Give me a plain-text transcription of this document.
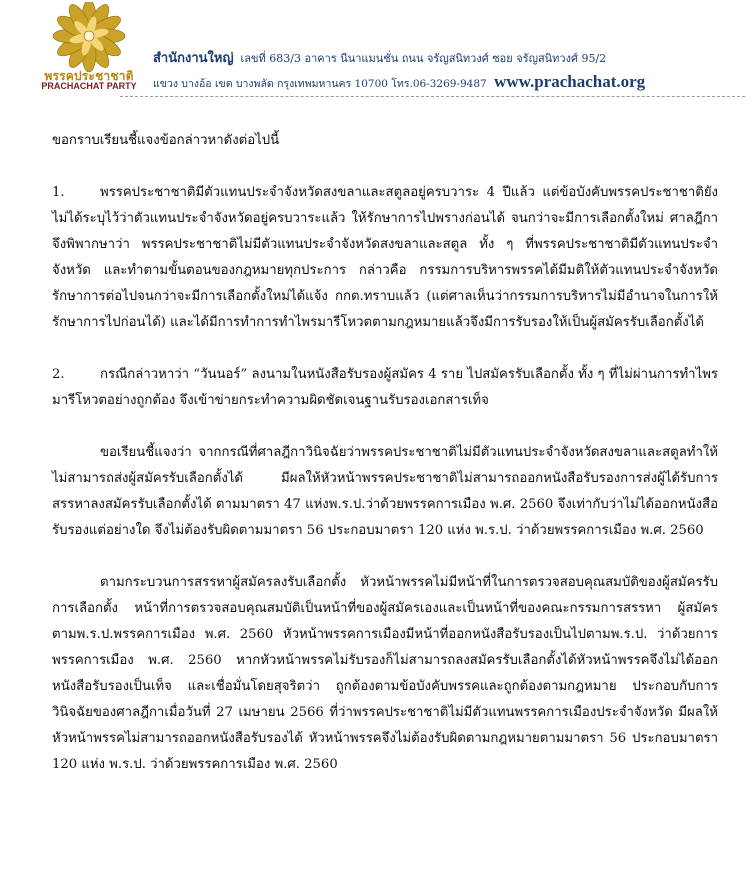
พรรคประชาชาติ
PRACHACHAT PARTY
สำนักงานใหญ่ เลขที่ 683/3 อาคาร นีนาแมนชั่น ถนน จรัญสนิทวงศ์ ซอย จรัญสนิทวงศ์ 95/2
แขวง บางอ้อ เขต บางพลัด กรุงเทพมหานคร 10700 โทร.06-3269-9487 www.prachachat.org

ขอกราบเรียนชี้แจงข้อกล่าวหาดังต่อไปนี้

1.	พรรคประชาชาติมีตัวแทนประจำจังหวัดสงขลาและสตูลอยู่ครบวาระ 4 ปีแล้ว แต่ข้อบังคับพรรคประชาชาติยังไม่ได้ระบุไว้ว่าตัวแทนประจำจังหวัดอยู่ครบวาระแล้ว ให้รักษาการไปพรางก่อนได้ จนกว่าจะมีการเลือกตั้งใหม่ ศาลฎีกาจึงพิพากษาว่า พรรคประชาชาติไม่มีตัวแทนประจำจังหวัดสงขลาและสตูล ทั้ง ๆ ที่พรรคประชาชาติมีตัวแทนประจำจังหวัด และทำตามขั้นตอนของกฎหมายทุกประการ กล่าวคือ กรรมการบริหารพรรคได้มีมติให้ตัวแทนประจำจังหวัดรักษาการต่อไปจนกว่าจะมีการเลือกตั้งใหม่ได้แจ้ง กกต.ทราบแล้ว (แต่ศาลเห็นว่ากรรมการบริหารไม่มีอำนาจในการให้รักษาการไปก่อนได้) และได้มีการทำการทำไพรมารีโหวตตามกฎหมายแล้วจึงมีการรับรองให้เป็นผู้สมัครรับเลือกตั้งได้

2.	กรณีกล่าวหาว่า “วันนอร์” ลงนามในหนังสือรับรองผู้สมัคร 4 ราย ไปสมัครรับเลือกตั้ง ทั้ง ๆ ที่ไม่ผ่านการทำไพรมารีโหวตอย่างถูกต้อง จึงเข้าข่ายกระทำความผิดชัดเจนฐานรับรองเอกสารเท็จ

ขอเรียนชี้แจงว่า จากกรณีที่ศาลฎีกาวินิจฉัยว่าพรรคประชาชาติไม่มีตัวแทนประจำจังหวัดสงขลาและสตูลทำให้ไม่สามารถส่งผู้สมัครรับเลือกตั้งได้ มีผลให้หัวหน้าพรรคประชาชาติไม่สามารถออกหนังสือรับรองการส่งผู้ได้รับการสรรหาลงสมัครรับเลือกตั้งได้ ตามมาตรา 47 แห่งพ.ร.ป.ว่าด้วยพรรคการเมือง พ.ศ. 2560 จึงเท่ากับว่าไม่ได้ออกหนังสือรับรองแต่อย่างใด จึงไม่ต้องรับผิดตามมาตรา 56 ประกอบมาตรา 120 แห่ง พ.ร.ป. ว่าด้วยพรรคการเมือง พ.ศ. 2560

ตามกระบวนการสรรหาผู้สมัครลงรับเลือกตั้ง หัวหน้าพรรคไม่มีหน้าที่ในการตรวจสอบคุณสมบัติของผู้สมัครรับการเลือกตั้ง หน้าที่การตรวจสอบคุณสมบัติเป็นหน้าที่ของผู้สมัครเองและเป็นหน้าที่ของคณะกรรมการสรรหา ผู้สมัครตามพ.ร.ป.พรรคการเมือง พ.ศ. 2560 หัวหน้าพรรคการเมืองมีหน้าที่ออกหนังสือรับรองเป็นไปตามพ.ร.ป. ว่าด้วยการพรรคการเมือง พ.ศ. 2560 หากหัวหน้าพรรคไม่รับรองก็ไม่สามารถลงสมัครรับเลือกตั้งได้หัวหน้าพรรคจึงไม่ได้ออกหนังสือรับรองเป็นเท็จ และเชื่อมั่นโดยสุจริตว่า ถูกต้องตามข้อบังคับพรรคและถูกต้องตามกฎหมาย ประกอบกับการวินิจฉัยของศาลฎีกาเมื่อวันที่ 27 เมษายน 2566 ที่ว่าพรรคประชาชาติไม่มีตัวแทนพรรคการเมืองประจำจังหวัด มีผลให้หัวหน้าพรรคไม่สามารถออกหนังสือรับรองได้ หัวหน้าพรรคจึงไม่ต้องรับผิดตามกฎหมายตามมาตรา 56 ประกอบมาตรา 120 แห่ง พ.ร.ป. ว่าด้วยพรรคการเมือง พ.ศ. 2560
